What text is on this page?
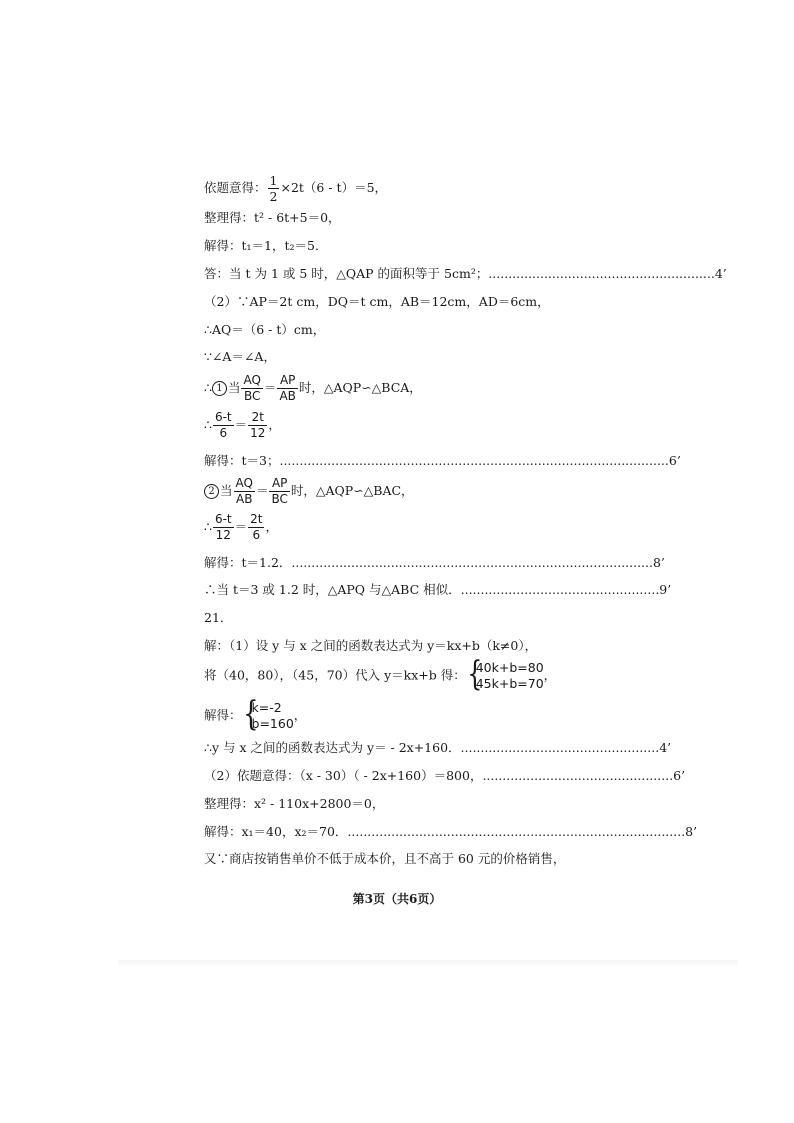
依题意得： $\frac{1}{2} \times 2t(6 - t)=5$，
整理得：t² - 6t+5＝0，
解得：t₁＝1，t₂＝5．
答：当 t 为 1 或 5 时，△QAP 的面积等于 5cm²；.........................................................4’
（2）∵AP＝2t cm，DQ＝t cm，AB＝12cm，AD＝6cm，
∴AQ＝（6 - t）cm，
∵∠A＝∠A，
∴ 1 当 $\frac{AQ}{BC} = \frac{AP}{AB}$ 时，△AQP∽△BCA，
∴ $\frac{6-t}{6} = \frac{2t}{12}$ ，
解得：t＝3；..................................................................................................6’
2 当 $\frac{AQ}{AB} = \frac{AP}{BC}$ 时，△AQP∽△BAC，
∴ $\frac{6-t}{12} = \frac{2t}{6}$ ，
解得：t＝1.2．...........................................................................................8’
∴当 t＝3 或 1.2 时，△APQ 与△ABC 相似．..................................................9’
21．
解：（1）设 y 与 x 之间的函数表达式为 y＝kx+b（k≠0），
将（40，80），（45，70）代入 y＝kx+b 得： { 40k+b=80
45k+b=70
，
解得： { k=-2
b=160
，
∴y 与 x 之间的函数表达式为 y＝ - 2x+160．..................................................4’
（2）依题意得：（x - 30）（ - 2x+160）＝800，................................................6’
整理得：x² - 110x+2800＝0，
解得：x₁＝40，x₂＝70．.....................................................................................8’
又∵商店按销售单价不低于成本价，且不高于 60 元的价格销售，
第3页（共6页）
